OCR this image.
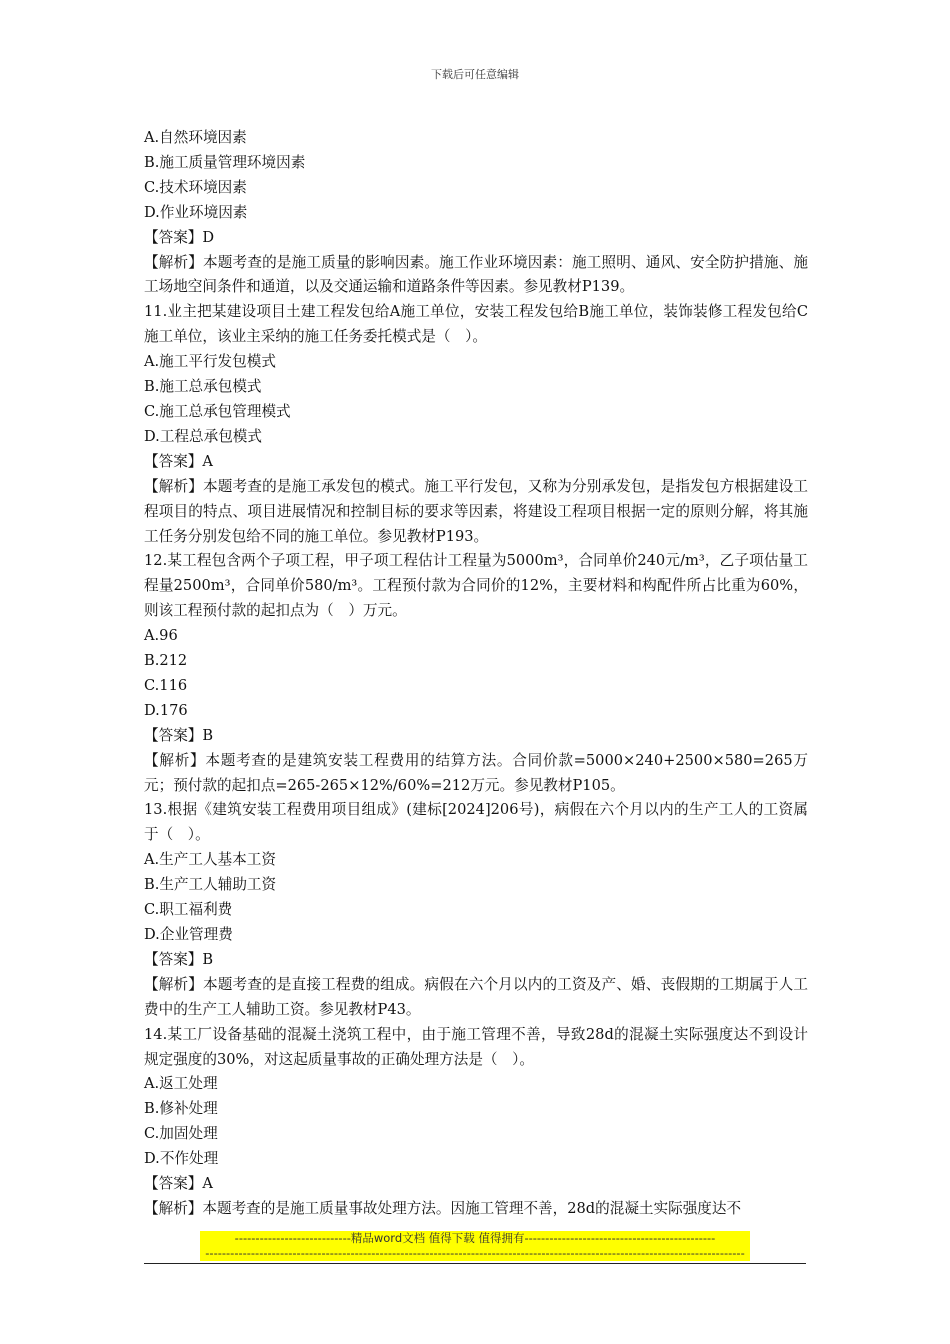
下载后可任意编辑

A.自然环境因素

B.施工质量管理环境因素

C.技术环境因素

D.作业环境因素

【答案】D

【解析】本题考查的是施工质量的影响因素。施工作业环境因素：施工照明、通风、安全防护措施、施工场地空间条件和通道，以及交通运输和道路条件等因素。参见教材P139。

11.业主把某建设项目土建工程发包给A施工单位，安装工程发包给B施工单位，装饰装修工程发包给C施工单位，该业主采纳的施工任务委托模式是（　）。

A.施工平行发包模式

B.施工总承包模式

C.施工总承包管理模式

D.工程总承包模式

【答案】A

【解析】本题考查的是施工承发包的模式。施工平行发包，又称为分别承发包，是指发包方根据建设工程项目的特点、项目进展情况和控制目标的要求等因素，将建设工程项目根据一定的原则分解，将其施工任务分别发包给不同的施工单位。参见教材P193。

12.某工程包含两个子项工程，甲子项工程估计工程量为5000m³，合同单价240元/m³，乙子项估量工程量2500m³，合同单价580/m³。工程预付款为合同价的12%，主要材料和构配件所占比重为60%，则该工程预付款的起扣点为（　）万元。

A.96

B.212

C.116

D.176

【答案】B

【解析】本题考查的是建筑安装工程费用的结算方法。合同价款=5000×240+2500×580=265万元；预付款的起扣点=265-265×12%/60%=212万元。参见教材P105。

13.根据《建筑安装工程费用项目组成》(建标[2024]206号)，病假在六个月以内的生产工人的工资属于（　）。

A.生产工人基本工资

B.生产工人辅助工资

C.职工福利费

D.企业管理费

【答案】B

【解析】本题考查的是直接工程费的组成。病假在六个月以内的工资及产、婚、丧假期的工期属于人工费中的生产工人辅助工资。参见教材P43。

14.某工厂设备基础的混凝土浇筑工程中，由于施工管理不善，导致28d的混凝土实际强度达不到设计规定强度的30%，对这起质量事故的正确处理方法是（　）。

A.返工处理

B.修补处理

C.加固处理

D.不作处理

【答案】A

【解析】本题考查的是施工质量事故处理方法。因施工管理不善，28d的混凝土实际强度达不

----------------------------精品word文档 值得下载 值得拥有----------------------------------------------
----------------------------------------------------------------------------------------------------------------------------------
